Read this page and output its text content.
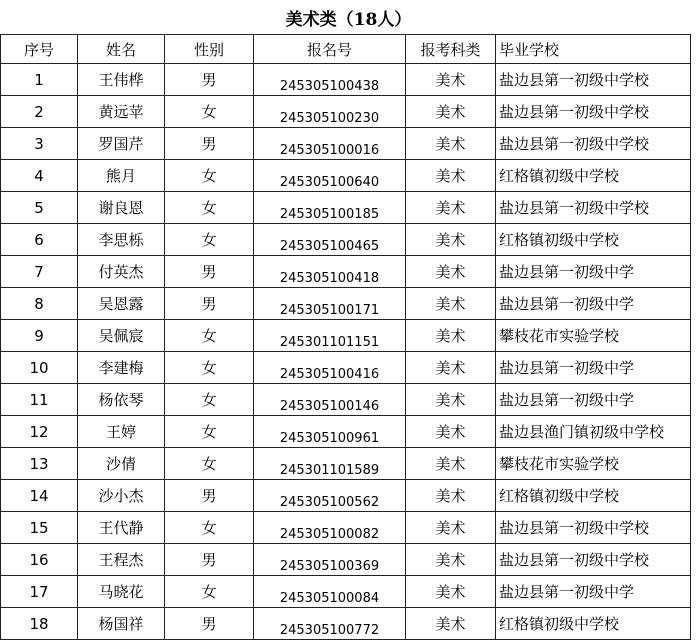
美术类（18人）
序号	姓名	性别	报名号	报考科类	毕业学校
1	王伟桦	男	245305100438	美术	盐边县第一初级中学校
2	黄远苹	女	245305100230	美术	盐边县第一初级中学校
3	罗国芹	男	245305100016	美术	盐边县第一初级中学校
4	熊月	女	245305100640	美术	红格镇初级中学校
5	谢良恩	女	245305100185	美术	盐边县第一初级中学校
6	李思栎	女	245305100465	美术	红格镇初级中学校
7	付英杰	男	245305100418	美术	盐边县第一初级中学
8	吴恩露	男	245305100171	美术	盐边县第一初级中学
9	吴佩宸	女	245301101151	美术	攀枝花市实验学校
10	李建梅	女	245305100416	美术	盐边县第一初级中学
11	杨依琴	女	245305100146	美术	盐边县第一初级中学
12	王婷	女	245305100961	美术	盐边县渔门镇初级中学校
13	沙倩	女	245301101589	美术	攀枝花市实验学校
14	沙小杰	男	245305100562	美术	红格镇初级中学校
15	王代静	女	245305100082	美术	盐边县第一初级中学校
16	王程杰	男	245305100369	美术	盐边县第一初级中学校
17	马晓花	女	245305100084	美术	盐边县第一初级中学
18	杨国祥	男	245305100772	美术	红格镇初级中学校
